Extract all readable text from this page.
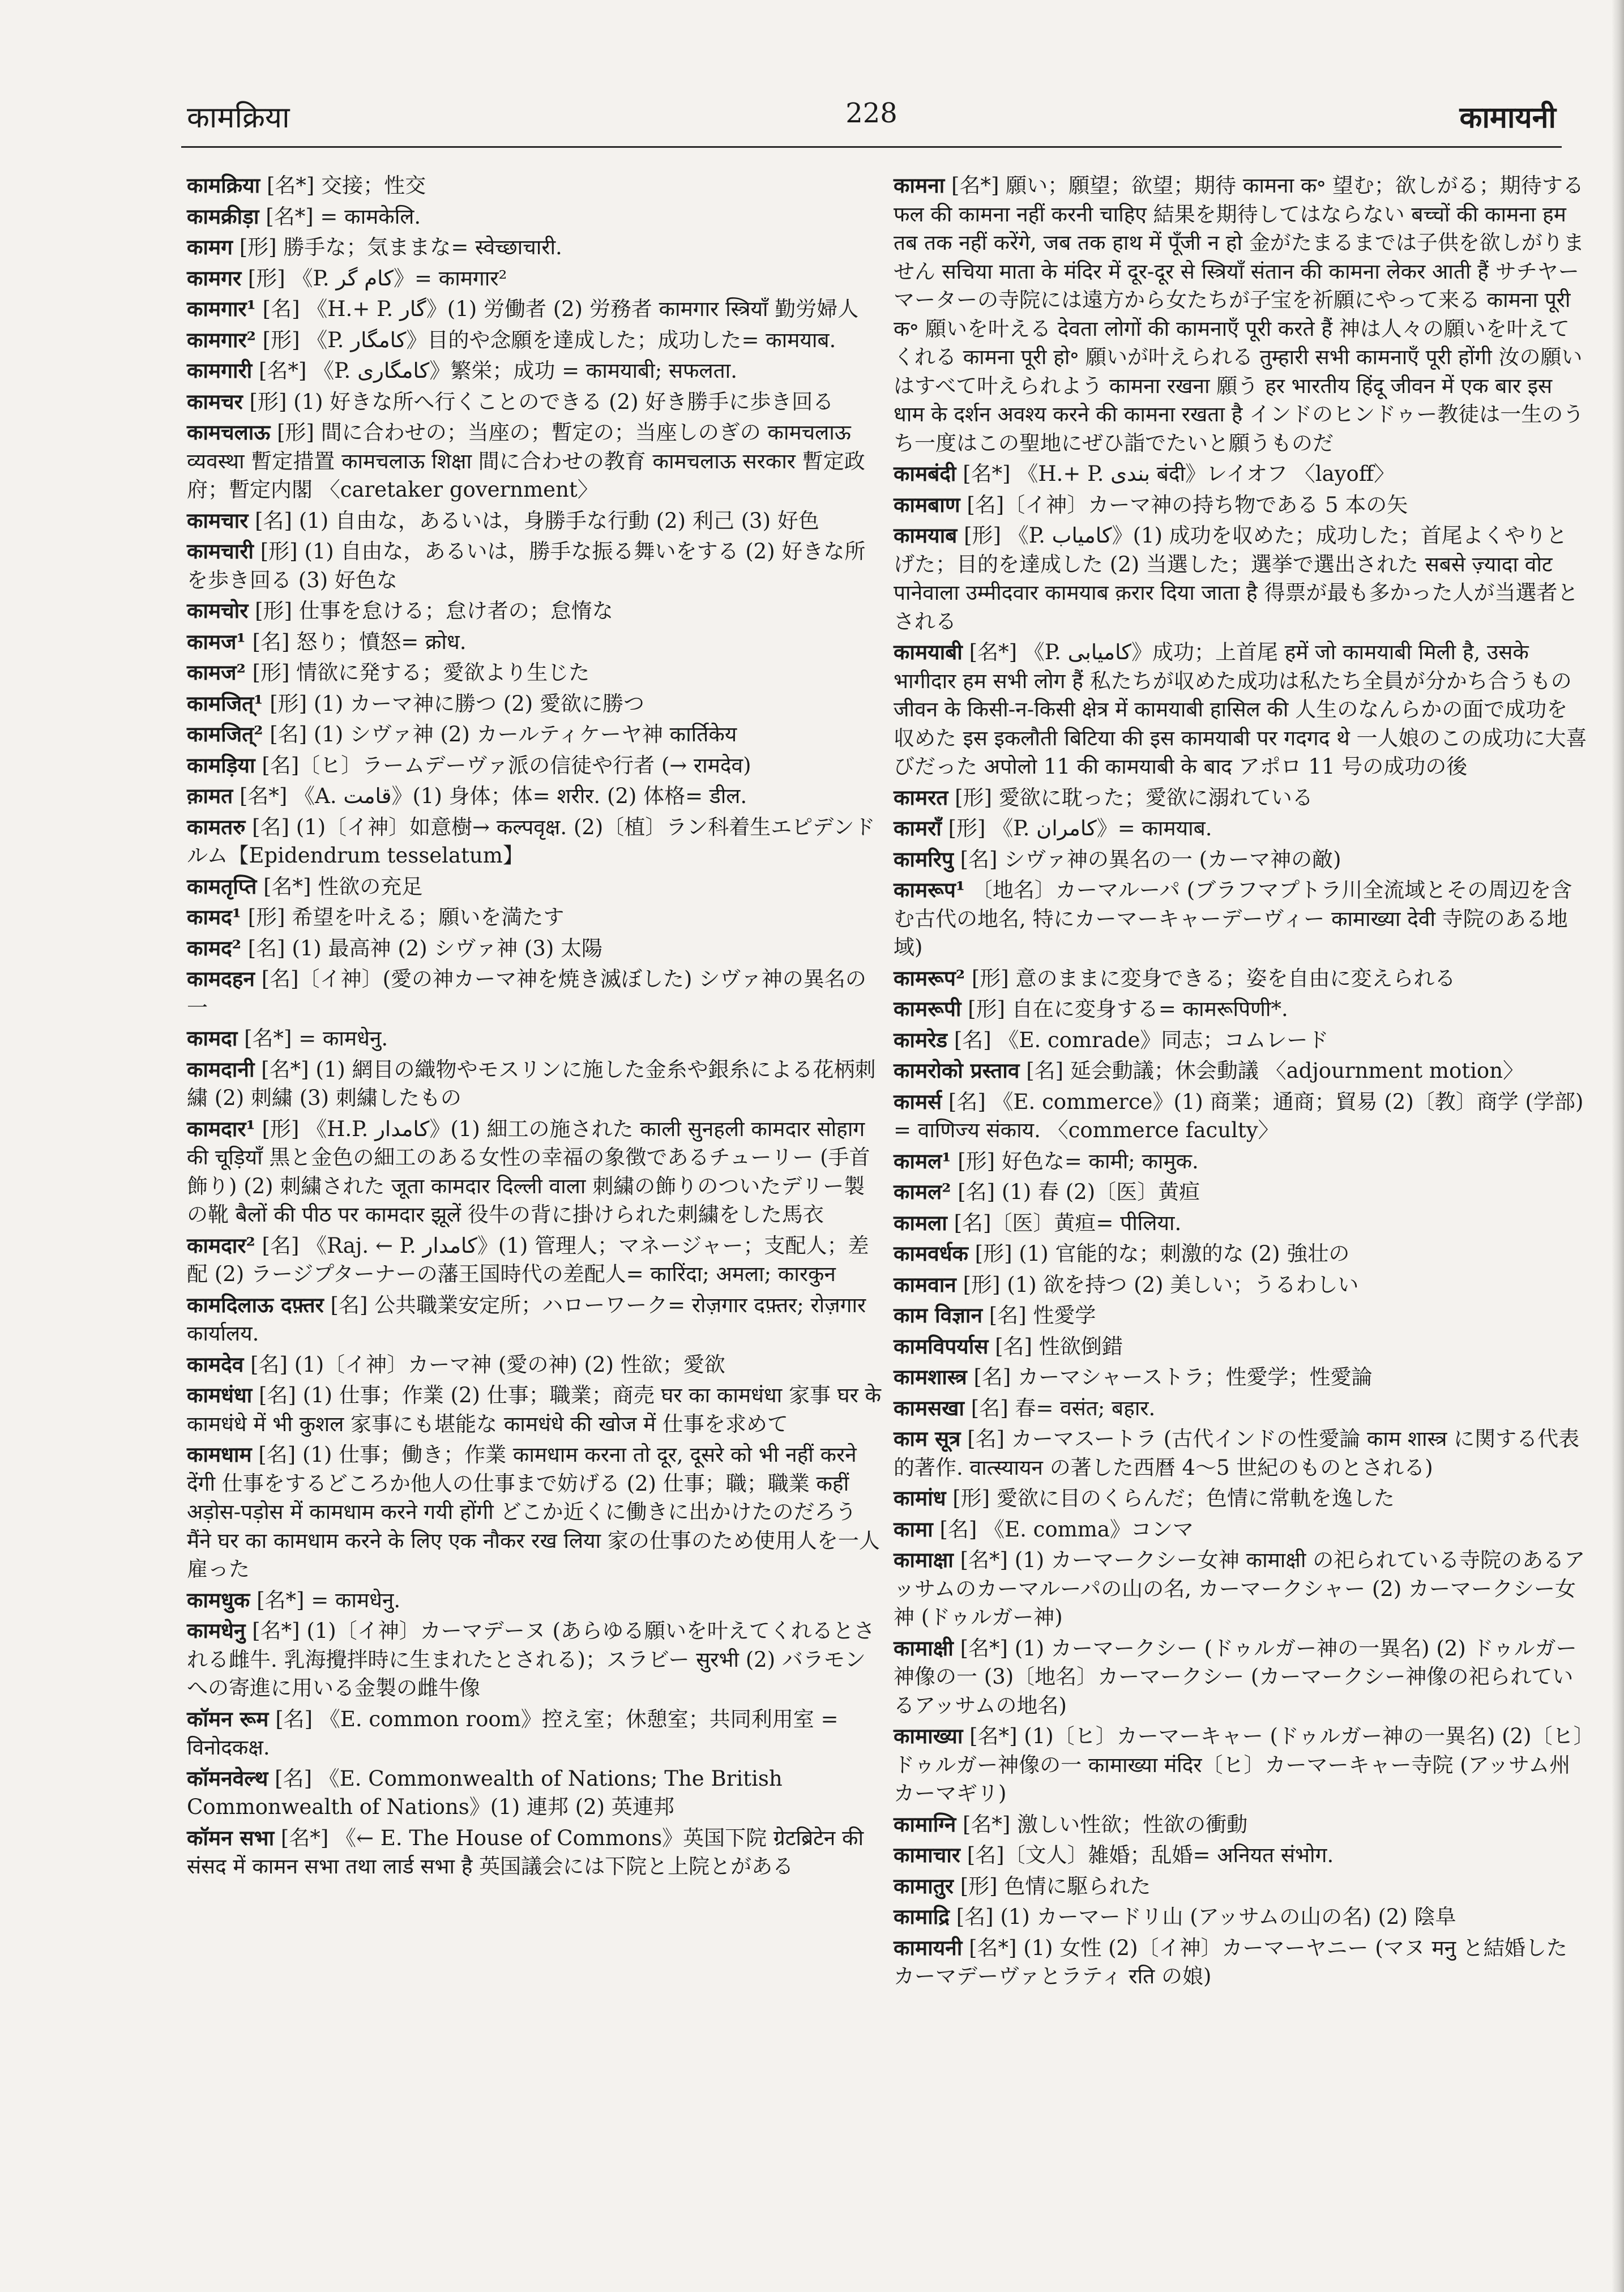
कामक्रिया	228	कामायनी
कामक्रिया [名*] 交接；性交
कामक्रीड़ा [名*] = कामकेलि.
कामग [形] 勝手な；気ままな= स्वेच्छाचारी.
कामगर [形] 《P. کام گر》= कामगार²
कामगार¹ [名] 《H.+ P. گار》(1) 労働者 (2) 労務者 कामगार स्त्रियाँ 勤労婦人
कामगार² [形] 《P. کامگار》目的や念願を達成した；成功した= कामयाब.
कामगारी [名*] 《P. کامگاری》繁栄；成功 = कामयाबी; सफलता.
कामचर [形] (1) 好きな所へ行くことのできる (2) 好き勝手に歩き回る
कामचलाऊ [形] 間に合わせの；当座の；暫定の；当座しのぎの कामचलाऊ व्यवस्था 暫定措置 कामचलाऊ शिक्षा 間に合わせの教育 कामचलाऊ सरकार 暫定政府；暫定内閣 〈caretaker government〉
कामचार [名] (1) 自由な，あるいは，身勝手な行動 (2) 利己 (3) 好色
कामचारी [形] (1) 自由な，あるいは，勝手な振る舞いをする (2) 好きな所を歩き回る (3) 好色な
कामचोर [形] 仕事を怠ける；怠け者の；怠惰な
कामज¹ [名] 怒り；憤怒= क्रोध.
कामज² [形] 情欲に発する；愛欲より生じた
कामजित्¹ [形] (1) カーマ神に勝つ (2) 愛欲に勝つ
कामजित्² [名] (1) シヴァ神 (2) カールティケーヤ神 कार्तिकेय
कामड़िया [名]〔ヒ〕ラームデーヴァ派の信徒や行者 (→ रामदेव)
क़ामत [名*] 《A. قامت》(1) 身体；体= शरीर. (2) 体格= डील.
कामतरु [名] (1)〔イ神〕如意樹→ कल्पवृक्ष. (2)〔植〕ラン科着生エピデンドルム【Epidendrum tesselatum】
कामतृप्ति [名*] 性欲の充足
कामद¹ [形] 希望を叶える；願いを満たす
कामद² [名] (1) 最高神 (2) シヴァ神 (3) 太陽
कामदहन [名]〔イ神〕(愛の神カーマ神を焼き滅ぼした) シヴァ神の異名の一
कामदा [名*] = कामधेनु.
कामदानी [名*] (1) 網目の織物やモスリンに施した金糸や銀糸による花柄刺繍 (2) 刺繍 (3) 刺繍したもの
कामदार¹ [形] 《H.P. کامدار》(1) 細工の施された काली सुनहली कामदार सोहाग की चूड़ियाँ 黒と金色の細工のある女性の幸福の象徴であるチューリー (手首飾り) (2) 刺繍された जूता कामदार दिल्ली वाला 刺繍の飾りのついたデリー製の靴 बैलों की पीठ पर कामदार झूलें 役牛の背に掛けられた刺繍をした馬衣
कामदार² [名] 《Raj. ← P. کامدار》(1) 管理人；マネージャー；支配人；差配 (2) ラージプターナーの藩王国時代の差配人= कारिंदा; अमला; कारकुन
कामदिलाऊ दफ़्तर [名] 公共職業安定所；ハローワーク= रोज़गार दफ़्तर; रोज़गार कार्यालय.
कामदेव [名] (1)〔イ神〕カーマ神 (愛の神) (2) 性欲；愛欲
कामधंधा [名] (1) 仕事；作業 (2) 仕事；職業；商売 घर का कामधंधा 家事 घर के कामधंधे में भी कुशल 家事にも堪能な कामधंधे की खोज में 仕事を求めて
कामधाम [名] (1) 仕事；働き；作業 कामधाम करना तो दूर, दूसरे को भी नहीं करने देंगी 仕事をするどころか他人の仕事まで妨げる (2) 仕事；職；職業 कहीं अड़ोस-पड़ोस में कामधाम करने गयी होंगी どこか近くに働きに出かけたのだろう मैंने घर का कामधाम करने के लिए एक नौकर रख लिया 家の仕事のため使用人を一人雇った
कामधुक [名*] = कामधेनु.
कामधेनु [名*] (1)〔イ神〕カーマデーヌ (あらゆる願いを叶えてくれるとされる雌牛. 乳海攪拌時に生まれたとされる)；スラビー सुरभी (2) バラモンへの寄進に用いる金製の雌牛像
कॉमन रूम [名] 《E. common room》控え室；休憩室；共同利用室 = विनोदकक्ष.
कॉमनवेल्थ [名] 《E. Commonwealth of Nations; The British Commonwealth of Nations》(1) 連邦 (2) 英連邦
कॉमन सभा [名*] 《← E. The House of Commons》英国下院 ग्रेटब्रिटेन की संसद में कामन सभा तथा लार्ड सभा है 英国議会には下院と上院とがある
कामना [名*] 願い；願望；欲望；期待 कामना क॰ 望む；欲しがる；期待する फल की कामना नहीं करनी चाहिए 結果を期待してはならない बच्चों की कामना हम तब तक नहीं करेंगे, जब तक हाथ में पूँजी न हो 金がたまるまでは子供を欲しがりません सचिया माता के मंदिर में दूर-दूर से स्त्रियाँ संतान की कामना लेकर आती हैं サチヤーマーターの寺院には遠方から女たちが子宝を祈願にやって来る कामना पूरी क॰ 願いを叶える देवता लोगों की कामनाएँ पूरी करते हैं 神は人々の願いを叶えてくれる कामना पूरी हो॰ 願いが叶えられる तुम्हारी सभी कामनाएँ पूरी होंगी 汝の願いはすべて叶えられよう कामना रखना 願う हर भारतीय हिंदू जीवन में एक बार इस धाम के दर्शन अवश्य करने की कामना रखता है インドのヒンドゥー教徒は一生のうち一度はこの聖地にぜひ詣でたいと願うものだ
कामबंदी [名*] 《H.+ P. بندی बंदी》レイオフ 〈layoff〉
कामबाण [名]〔イ神〕カーマ神の持ち物である 5 本の矢
कामयाब [形] 《P. کامیاب》(1) 成功を収めた；成功した；首尾よくやりとげた；目的を達成した (2) 当選した；選挙で選出された सबसे ज़्यादा वोट पानेवाला उम्मीदवार कामयाब क़रार दिया जाता है 得票が最も多かった人が当選者とされる
कामयाबी [名*] 《P. کامیابی》成功；上首尾 हमें जो कामयाबी मिली है, उसके भागीदार हम सभी लोग हैं 私たちが収めた成功は私たち全員が分かち合うもの जीवन के किसी-न-किसी क्षेत्र में कामयाबी हासिल की 人生のなんらかの面で成功を収めた इस इकलौती बिटिया की इस कामयाबी पर गदगद थे 一人娘のこの成功に大喜びだった अपोलो 11 की कामयाबी के बाद アポロ 11 号の成功の後
कामरत [形] 愛欲に耽った；愛欲に溺れている
कामराँ [形] 《P. کامران》= कामयाब.
कामरिपु [名] シヴァ神の異名の一 (カーマ神の敵)
कामरूप¹ 〔地名〕カーマルーパ (ブラフマプトラ川全流域とその周辺を含む古代の地名, 特にカーマーキャーデーヴィー कामाख्या देवी 寺院のある地域)
कामरूप² [形] 意のままに変身できる；姿を自由に変えられる
कामरूपी [形] 自在に変身する= कामरूपिणी*.
कामरेड [名] 《E. comrade》同志；コムレード
कामरोको प्रस्ताव [名] 延会動議；休会動議 〈adjournment motion〉
कामर्स [名] 《E. commerce》(1) 商業；通商；貿易 (2)〔教〕商学 (学部) = वाणिज्य संकाय. 〈commerce faculty〉
कामल¹ [形] 好色な= कामी; कामुक.
कामल² [名] (1) 春 (2)〔医〕黄疸
कामला [名]〔医〕黄疸= पीलिया.
कामवर्धक [形] (1) 官能的な；刺激的な (2) 強壮の
कामवान [形] (1) 欲を持つ (2) 美しい；うるわしい
काम विज्ञान [名] 性愛学
कामविपर्यास [名] 性欲倒錯
कामशास्त्र [名] カーマシャーストラ；性愛学；性愛論
कामसखा [名] 春= वसंत; बहार.
काम सूत्र [名] カーマスートラ (古代インドの性愛論 काम शास्त्र に関する代表的著作. वात्स्यायन の著した西暦 4〜5 世紀のものとされる)
कामांध [形] 愛欲に目のくらんだ；色情に常軌を逸した
कामा [名] 《E. comma》コンマ
कामाक्षा [名*] (1) カーマークシー女神 कामाक्षी の祀られている寺院のあるアッサムのカーマルーパの山の名, カーマークシャー (2) カーマークシー女神 (ドゥルガー神)
कामाक्षी [名*] (1) カーマークシー (ドゥルガー神の一異名) (2) ドゥルガー神像の一 (3)〔地名〕カーマークシー (カーマークシー神像の祀られているアッサムの地名)
कामाख्या [名*] (1)〔ヒ〕カーマーキャー (ドゥルガー神の一異名) (2)〔ヒ〕ドゥルガー神像の一 कामाख्या मंदिर〔ヒ〕カーマーキャー寺院 (アッサム州カーマギリ)
कामाग्नि [名*] 激しい性欲；性欲の衝動
कामाचार [名]〔文人〕雑婚；乱婚= अनियत संभोग.
कामातुर [形] 色情に駆られた
कामाद्रि [名] (1) カーマードリ山 (アッサムの山の名) (2) 陰阜
कामायनी [名*] (1) 女性 (2)〔イ神〕カーマーヤニー (マヌ मनु と結婚したカーマデーヴァとラティ रति の娘)
